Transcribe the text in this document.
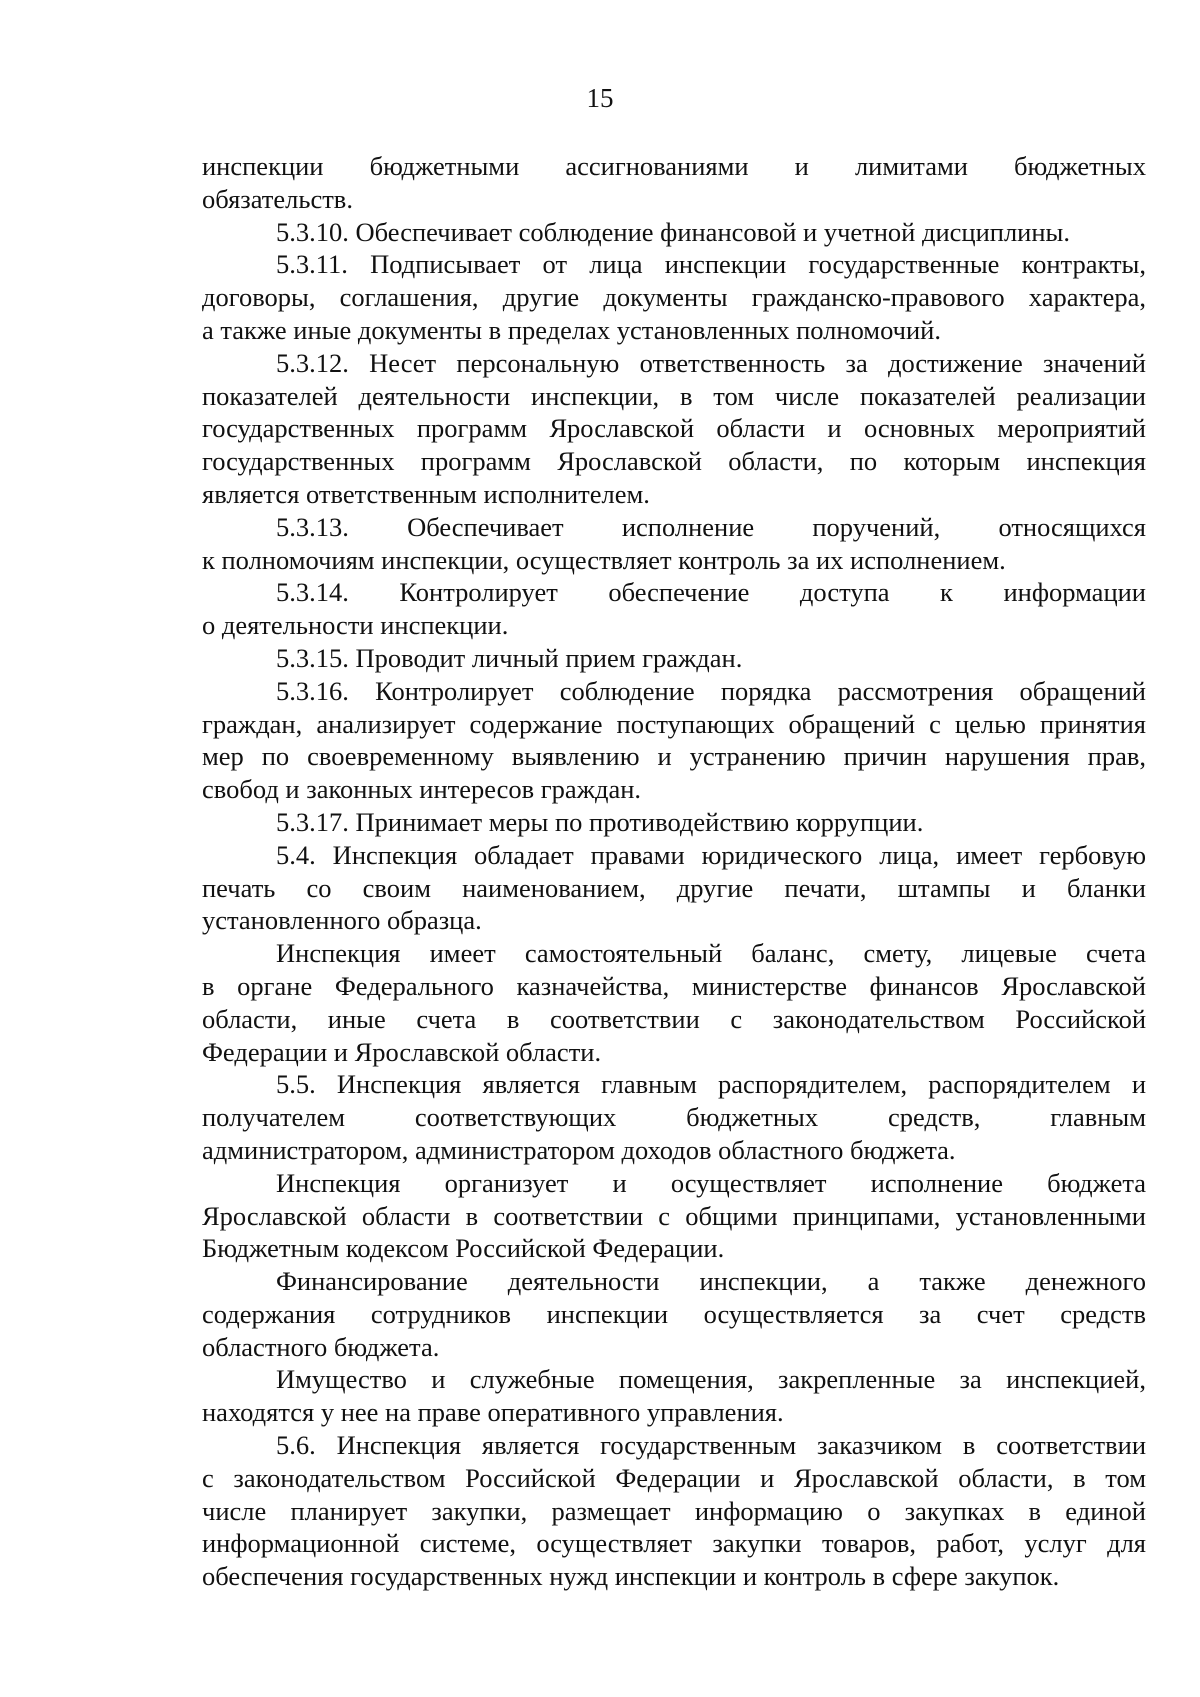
15
инспекции бюджетными ассигнованиями и лимитами бюджетных
обязательств.
5.3.10. Обеспечивает соблюдение финансовой и учетной дисциплины.
5.3.11. Подписывает от лица инспекции государственные контракты,
договоры, соглашения, другие документы гражданско-правового характера,
а также иные документы в пределах установленных полномочий.
5.3.12. Несет персональную ответственность за достижение значений
показателей деятельности инспекции, в том числе показателей реализации
государственных программ Ярославской области и основных мероприятий
государственных программ Ярославской области, по которым инспекция
является ответственным исполнителем.
5.3.13. Обеспечивает исполнение поручений, относящихся
к полномочиям инспекции, осуществляет контроль за их исполнением.
5.3.14. Контролирует обеспечение доступа к информации
о деятельности инспекции.
5.3.15. Проводит личный прием граждан.
5.3.16. Контролирует соблюдение порядка рассмотрения обращений
граждан, анализирует содержание поступающих обращений с целью принятия
мер по своевременному выявлению и устранению причин нарушения прав,
свобод и законных интересов граждан.
5.3.17. Принимает меры по противодействию коррупции.
5.4. Инспекция обладает правами юридического лица, имеет гербовую
печать со своим наименованием, другие печати, штампы и бланки
установленного образца.
Инспекция имеет самостоятельный баланс, смету, лицевые счета
в органе Федерального казначейства, министерстве финансов Ярославской
области, иные счета в соответствии с законодательством Российской
Федерации и Ярославской области.
5.5. Инспекция является главным распорядителем, распорядителем и
получателем соответствующих бюджетных средств, главным
администратором, администратором доходов областного бюджета.
Инспекция организует и осуществляет исполнение бюджета
Ярославской области в соответствии с общими принципами, установленными
Бюджетным кодексом Российской Федерации.
Финансирование деятельности инспекции, а также денежного
содержания сотрудников инспекции осуществляется за счет средств
областного бюджета.
Имущество и служебные помещения, закрепленные за инспекцией,
находятся у нее на праве оперативного управления.
5.6. Инспекция является государственным заказчиком в соответствии
с законодательством Российской Федерации и Ярославской области, в том
числе планирует закупки, размещает информацию о закупках в единой
информационной системе, осуществляет закупки товаров, работ, услуг для
обеспечения государственных нужд инспекции и контроль в сфере закупок.
